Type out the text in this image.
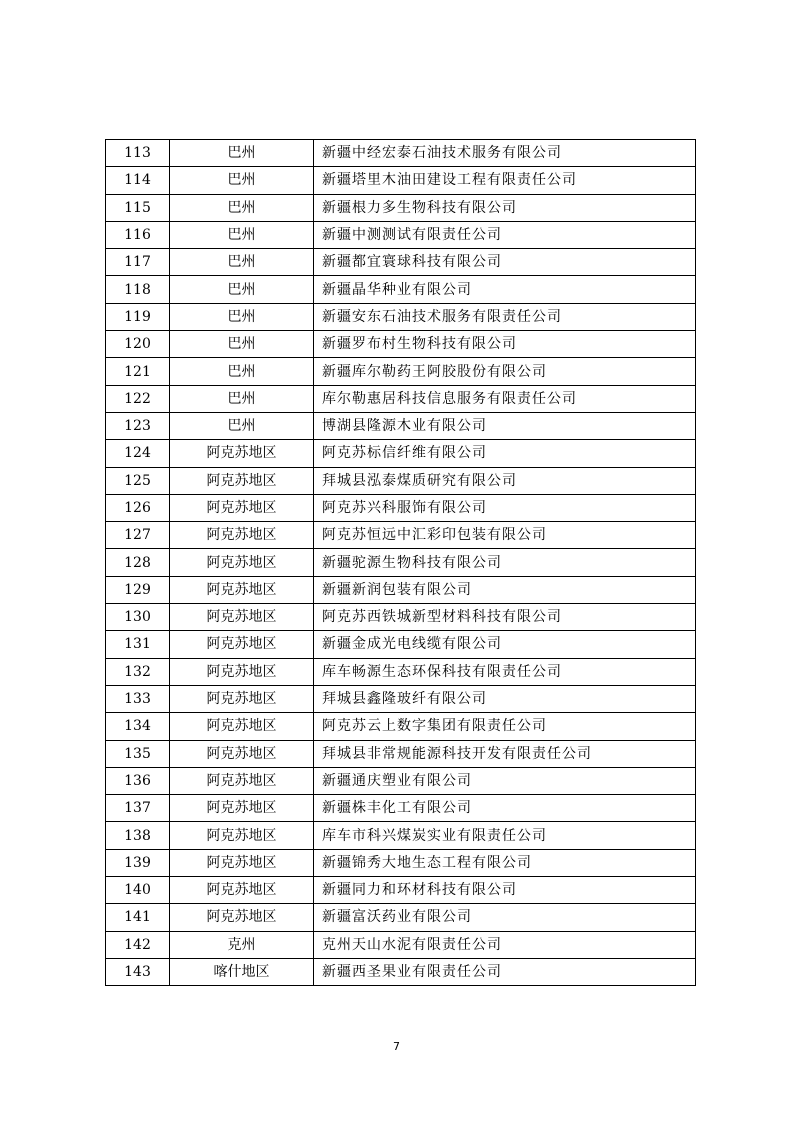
113	巴州	新疆中经宏泰石油技术服务有限公司
114	巴州	新疆塔里木油田建设工程有限责任公司
115	巴州	新疆根力多生物科技有限公司
116	巴州	新疆中测测试有限责任公司
117	巴州	新疆都宜寰球科技有限公司
118	巴州	新疆晶华种业有限公司
119	巴州	新疆安东石油技术服务有限责任公司
120	巴州	新疆罗布村生物科技有限公司
121	巴州	新疆库尔勒药王阿胶股份有限公司
122	巴州	库尔勒惠居科技信息服务有限责任公司
123	巴州	博湖县隆源木业有限公司
124	阿克苏地区	阿克苏标信纤维有限公司
125	阿克苏地区	拜城县泓泰煤质研究有限公司
126	阿克苏地区	阿克苏兴科服饰有限公司
127	阿克苏地区	阿克苏恒远中汇彩印包装有限公司
128	阿克苏地区	新疆驼源生物科技有限公司
129	阿克苏地区	新疆新润包装有限公司
130	阿克苏地区	阿克苏西铁城新型材料科技有限公司
131	阿克苏地区	新疆金成光电线缆有限公司
132	阿克苏地区	库车畅源生态环保科技有限责任公司
133	阿克苏地区	拜城县鑫隆玻纤有限公司
134	阿克苏地区	阿克苏云上数字集团有限责任公司
135	阿克苏地区	拜城县非常规能源科技开发有限责任公司
136	阿克苏地区	新疆通庆塑业有限公司
137	阿克苏地区	新疆株丰化工有限公司
138	阿克苏地区	库车市科兴煤炭实业有限责任公司
139	阿克苏地区	新疆锦秀大地生态工程有限公司
140	阿克苏地区	新疆同力和环材科技有限公司
141	阿克苏地区	新疆富沃药业有限公司
142	克州	克州天山水泥有限责任公司
143	喀什地区	新疆西圣果业有限责任公司
7
